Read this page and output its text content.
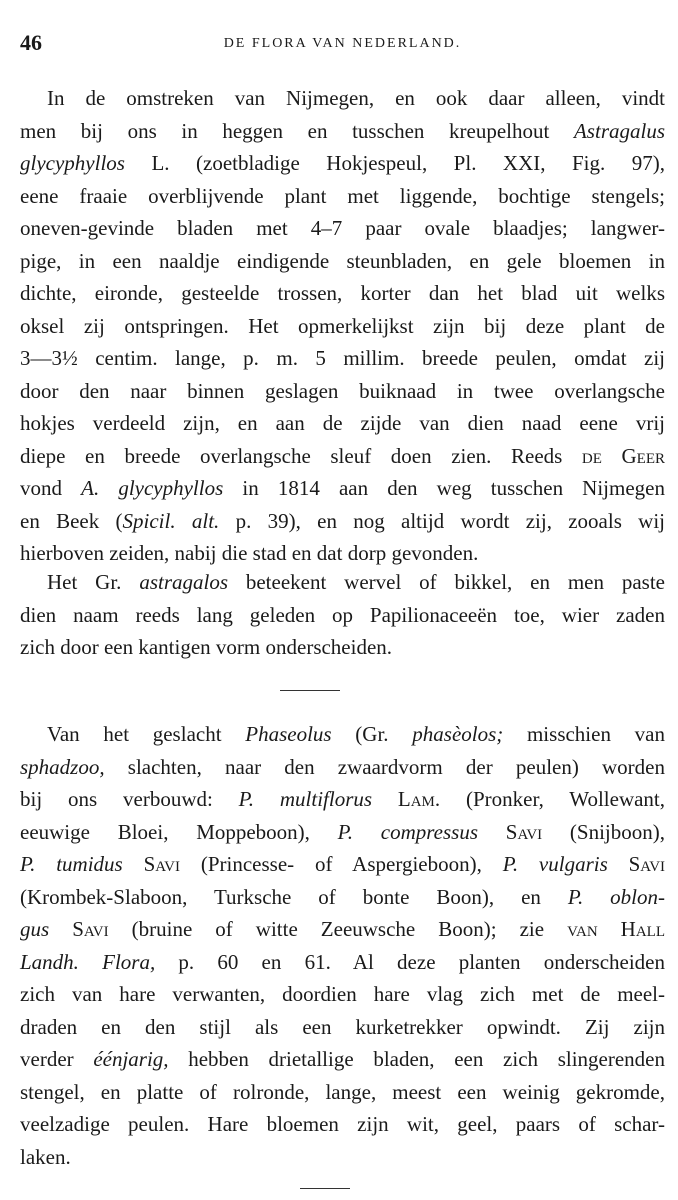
46	DE FLORA VAN NEDERLAND.
In de omstreken van Nijmegen, en ook daar alleen, vindt
men bij ons in heggen en tusschen kreupelhout Astragalus
glycyphyllos L. (zoetbladige Hokjespeul, Pl. XXI, Fig. 97),
eene fraaie overblijvende plant met liggende, bochtige stengels;
oneven-gevinde bladen met 4–7 paar ovale blaadjes; langwer-
pige, in een naaldje eindigende steunbladen, en gele bloemen in
dichte, eironde, gesteelde trossen, korter dan het blad uit welks
oksel zij ontspringen. Het opmerkelijkst zijn bij deze plant de
3—3½ centim. lange, p. m. 5 millim. breede peulen, omdat zij
door den naar binnen geslagen buiknaad in twee overlangsche
hokjes verdeeld zijn, en aan de zijde van dien naad eene vrij
diepe en breede overlangsche sleuf doen zien. Reeds de Geer
vond A. glycyphyllos in 1814 aan den weg tusschen Nijmegen
en Beek (Spicil. alt. p. 39), en nog altijd wordt zij, zooals wij
hierboven zeiden, nabij die stad en dat dorp gevonden.
Het Gr. astragalos beteekent wervel of bikkel, en men paste
dien naam reeds lang geleden op Papilionaceeën toe, wier zaden
zich door een kantigen vorm onderscheiden.
Van het geslacht Phaseolus (Gr. phasèolos; misschien van
sphadzoo, slachten, naar den zwaardvorm der peulen) worden
bij ons verbouwd: P. multiflorus Lam. (Pronker, Wollewant,
eeuwige Bloei, Moppeboon), P. compressus Savi (Snijboon),
P. tumidus Savi (Princesse- of Aspergieboon), P. vulgaris Savi
(Krombek-Slaboon, Turksche of bonte Boon), en P. oblon-
gus Savi (bruine of witte Zeeuwsche Boon); zie van Hall
Landh. Flora, p. 60 en 61. Al deze planten onderscheiden
zich van hare verwanten, doordien hare vlag zich met de meel-
draden en den stijl als een kurketrekker opwindt. Zij zijn
verder éénjarig, hebben drietallige bladen, een zich slingerenden
stengel, en platte of rolronde, lange, meest een weinig gekromde,
veelzadige peulen. Hare bloemen zijn wit, geel, paars of schar-
laken.
